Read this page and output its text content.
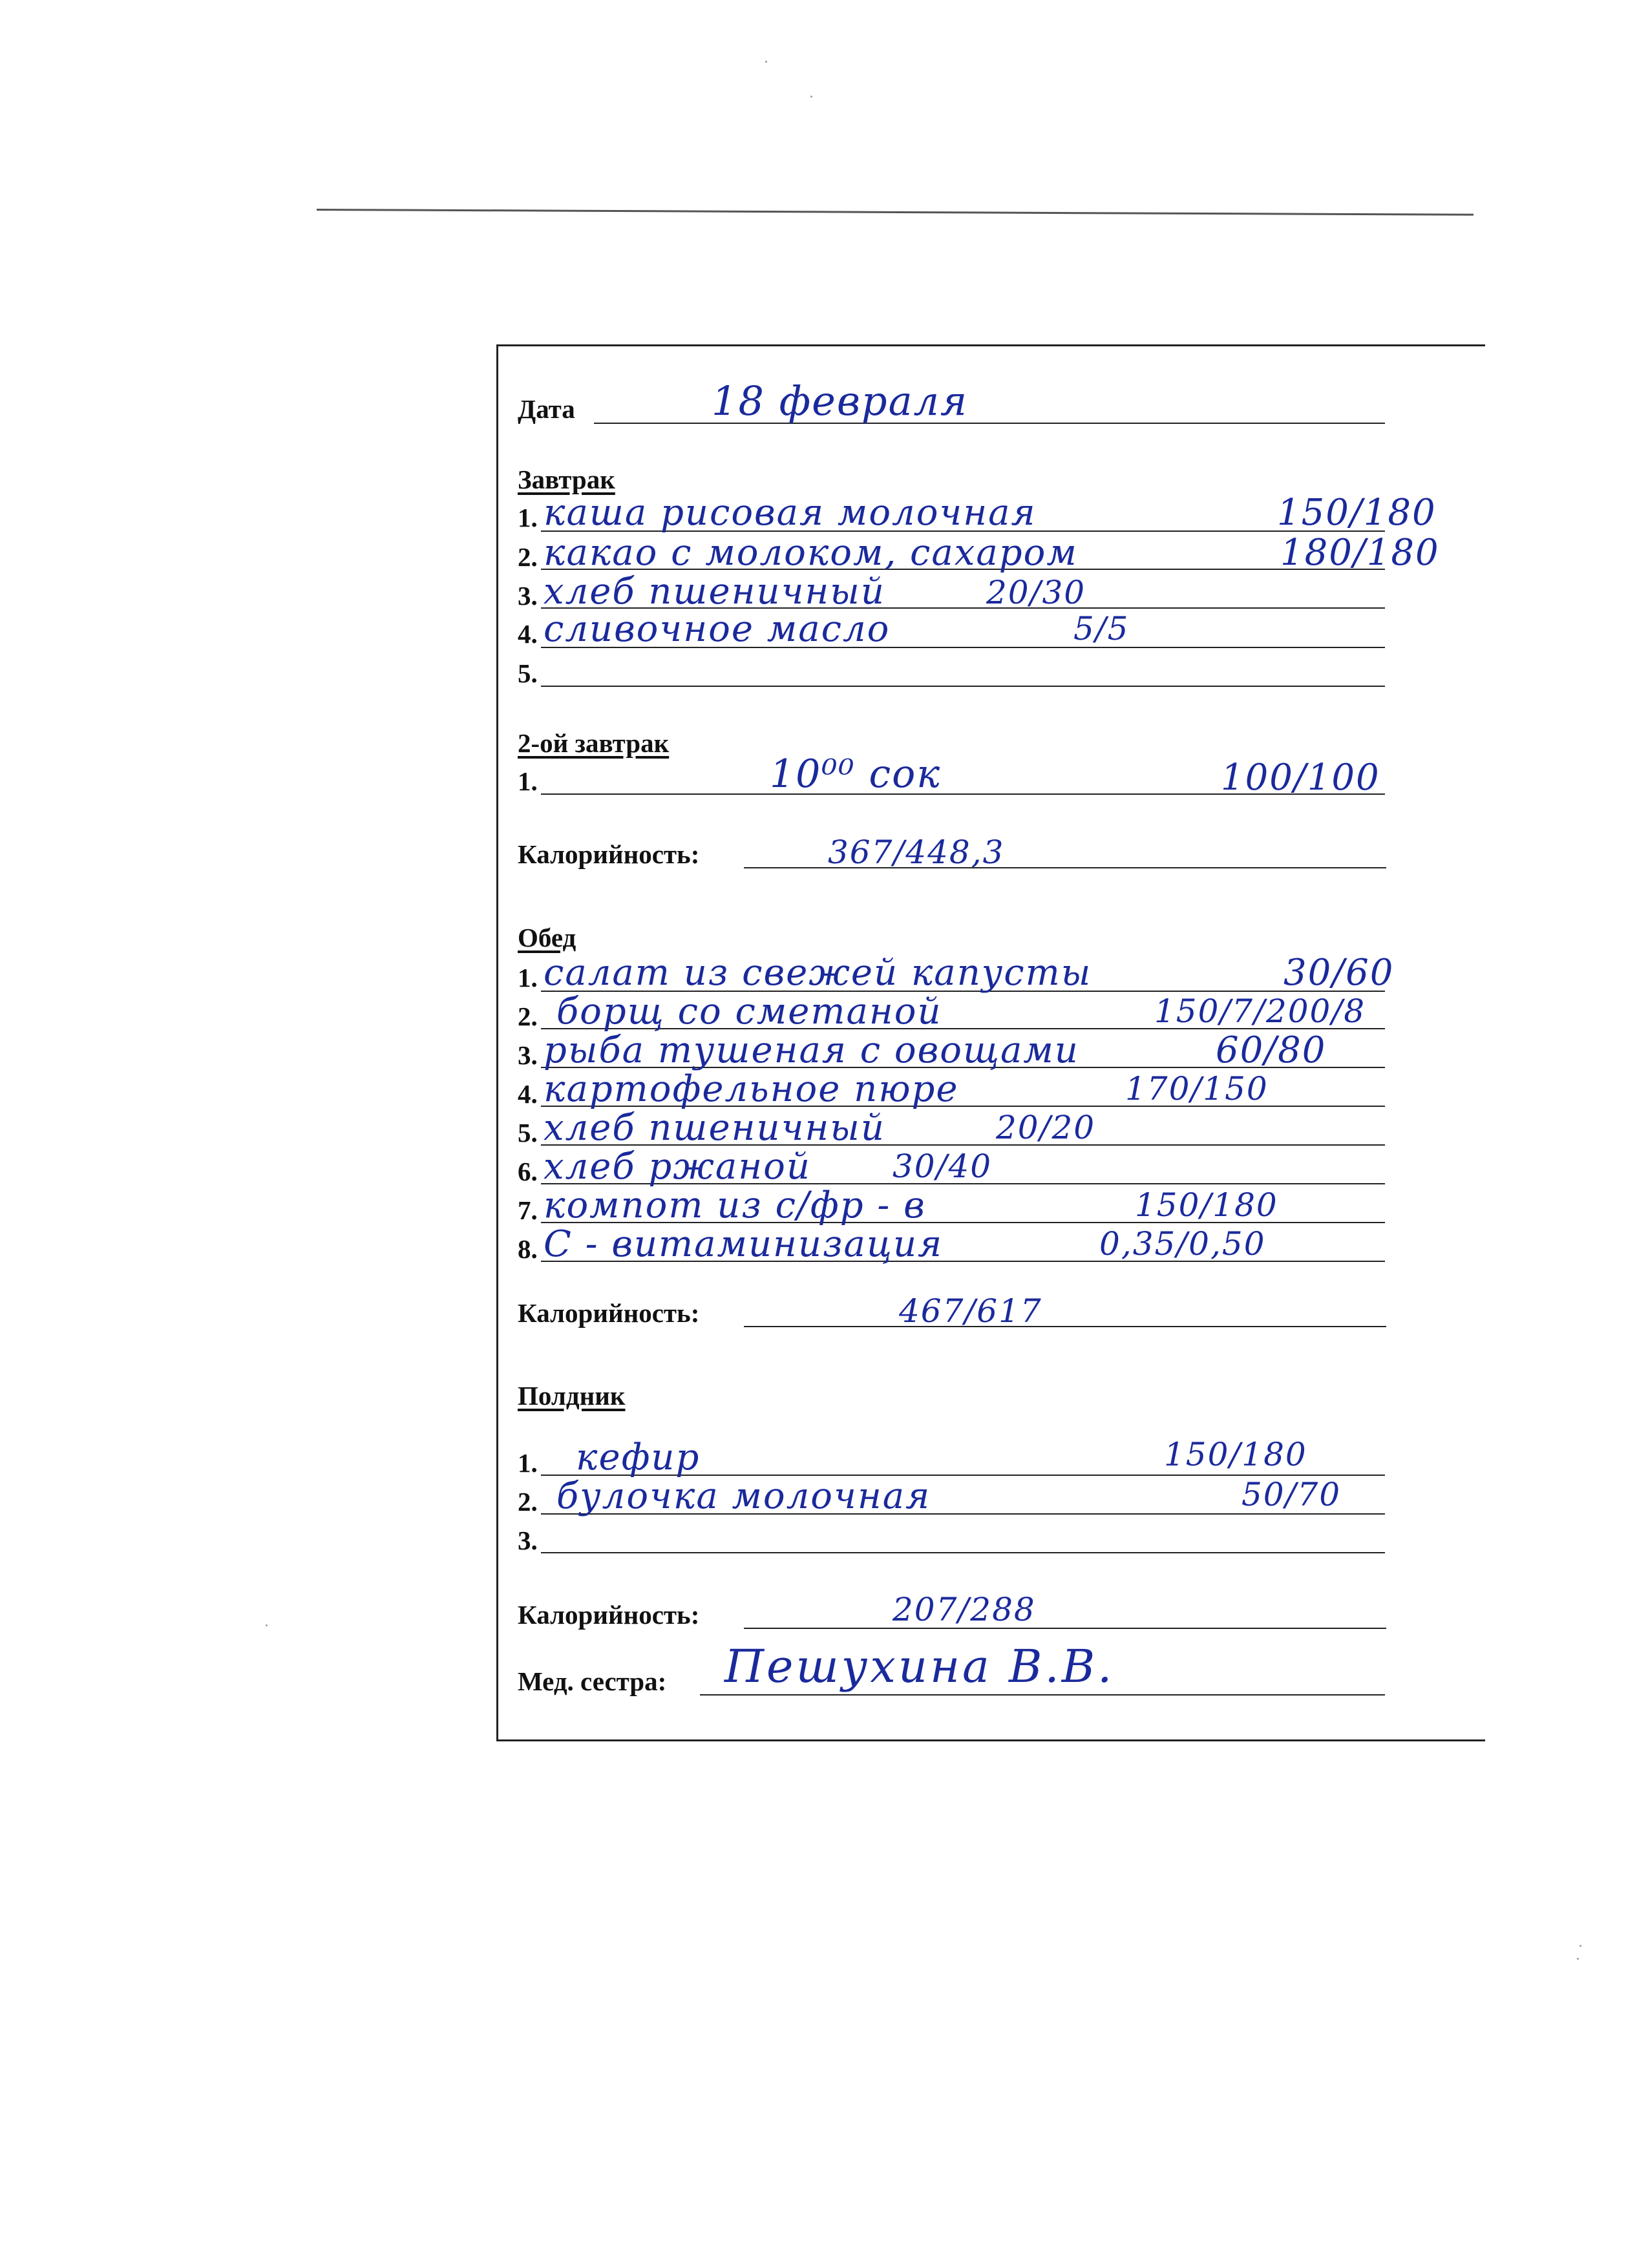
Дата	18 февраля
Завтрак
1. каша рисовая молочная	150/180
2. какао с молоком, сахаром	180/180
3. хлеб пшеничный	20/30
4. сливочное масло	5/5
5.
2-ой завтрак
1.	10⁰⁰ сок	100/100
Калорийность:	367/448,3
Обед
1. салат из свежей капусты	30/60
2. борщ со сметаной	150/7/200/8
3. рыба тушеная с овощами	60/80
4. картофельное пюре	170/150
5. хлеб пшеничный	20/20
6. хлеб ржаной	30/40
7. компот из с/фр - в	150/180
8. С - витаминизация	0,35/0,50
Калорийность:	467/617
Полдник
1. кефир	150/180
2. булочка молочная	50/70
3.
Калорийность:	207/288
Мед. сестра: Пешухина В.В.
